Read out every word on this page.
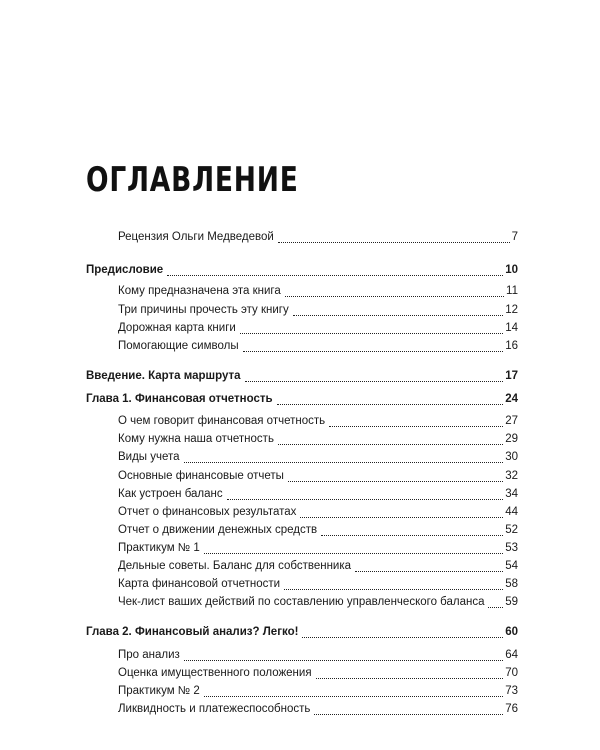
ОГЛАВЛЕНИЕ
Рецензия Ольги Медведевой	7
Предисловие	10
Кому предназначена эта книга	11
Три причины прочесть эту книгу	12
Дорожная карта книги	14
Помогающие символы	16
Введение. Карта маршрута	17
Глава 1. Финансовая отчетность	24
О чем говорит финансовая отчетность	27
Кому нужна наша отчетность	29
Виды учета	30
Основные финансовые отчеты	32
Как устроен баланс	34
Отчет о финансовых результатах	44
Отчет о движении денежных средств	52
Практикум № 1	53
Дельные советы. Баланс для собственника	54
Карта финансовой отчетности	58
Чек-лист ваших действий по составлению управленческого баланса 59
Глава 2. Финансовый анализ? Легко!	60
Про анализ	64
Оценка имущественного положения	70
Практикум № 2	73
Ликвидность и платежеспособность	76
